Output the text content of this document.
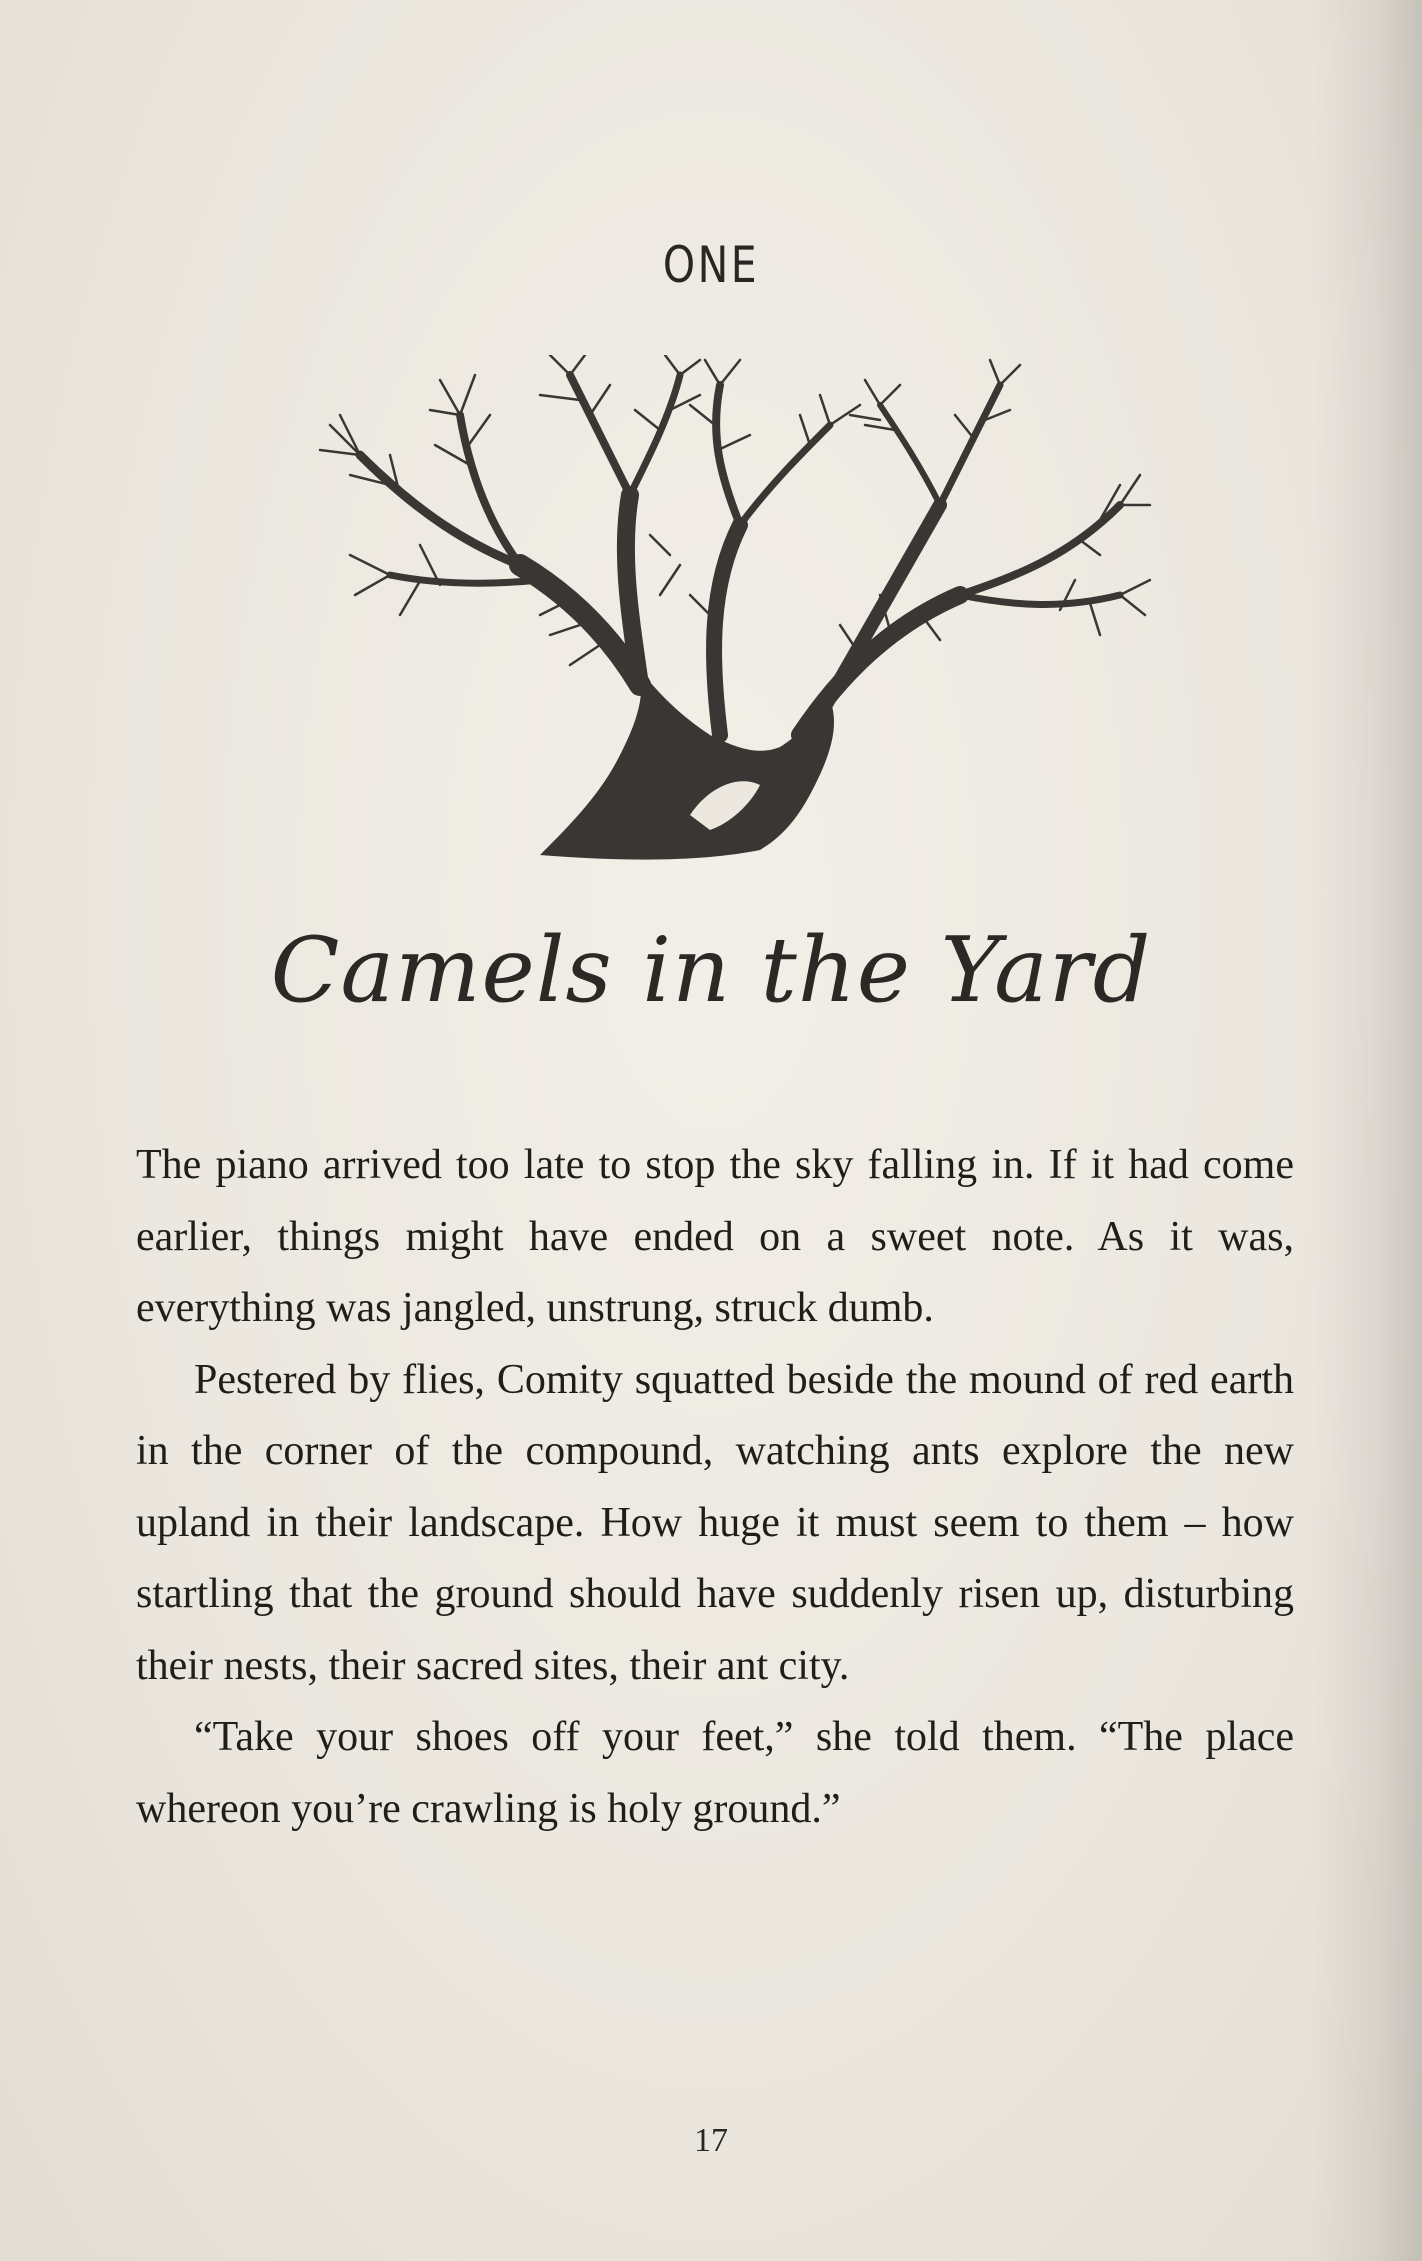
ONE
Camels in the Yard

The piano arrived too late to stop the sky falling in. If it had come earlier, things might have ended on a sweet note. As it was, everything was jangled, unstrung, struck dumb.

Pestered by flies, Comity squatted beside the mound of red earth in the corner of the compound, watching ants explore the new upland in their landscape. How huge it must seem to them – how startling that the ground should have suddenly risen up, disturbing their nests, their sacred sites, their ant city.

“Take your shoes off your feet,” she told them. “The place whereon you’re crawling is holy ground.”

17
